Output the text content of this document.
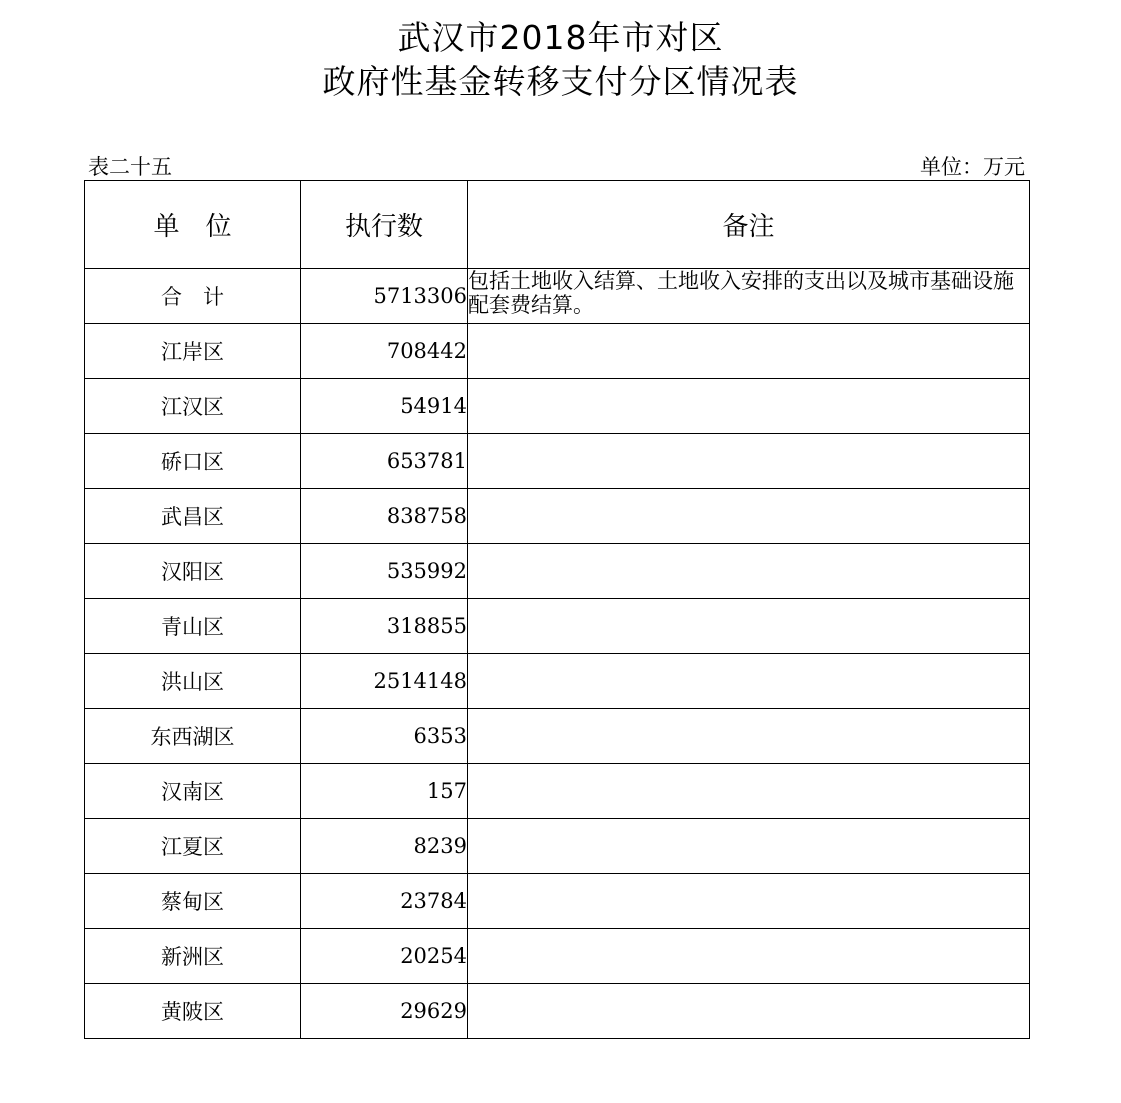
武汉市2018年市对区
政府性基金转移支付分区情况表
表二十五	单位：万元
单　位	执行数	备注
合　计	5713306	包括土地收入结算、土地收入安排的支出以及城市基础设施配套费结算。
江岸区	708442	
江汉区	54914	
硚口区	653781	
武昌区	838758	
汉阳区	535992	
青山区	318855	
洪山区	2514148	
东西湖区	6353	
汉南区	157	
江夏区	8239	
蔡甸区	23784	
新洲区	20254	
黄陂区	29629	
